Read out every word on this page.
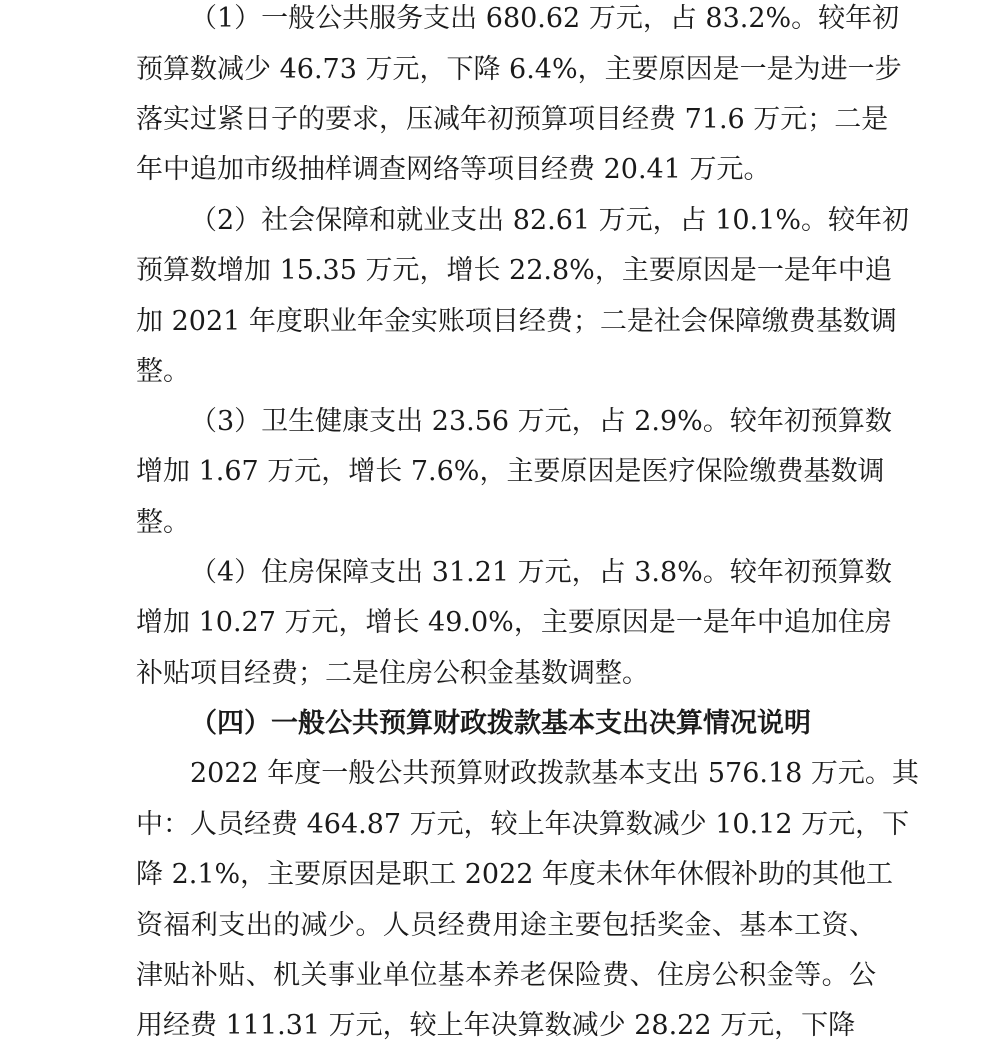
（1）一般公共服务支出 680.62 万元，占 83.2%。较年初
预算数减少 46.73 万元，下降 6.4%，主要原因是一是为进一步
落实过紧日子的要求，压减年初预算项目经费 71.6 万元；二是
年中追加市级抽样调查网络等项目经费 20.41 万元。
（2）社会保障和就业支出 82.61 万元，占 10.1%。较年初
预算数增加 15.35 万元，增长 22.8%，主要原因是一是年中追
加 2021 年度职业年金实账项目经费；二是社会保障缴费基数调
整。
（3）卫生健康支出 23.56 万元，占 2.9%。较年初预算数
增加 1.67 万元，增长 7.6%，主要原因是医疗保险缴费基数调
整。
（4）住房保障支出 31.21 万元，占 3.8%。较年初预算数
增加 10.27 万元，增长 49.0%，主要原因是一是年中追加住房
补贴项目经费；二是住房公积金基数调整。
（四）一般公共预算财政拨款基本支出决算情况说明
2022 年度一般公共预算财政拨款基本支出 576.18 万元。其
中：人员经费 464.87 万元，较上年决算数减少 10.12 万元，下
降 2.1%，主要原因是职工 2022 年度未休年休假补助的其他工
资福利支出的减少。人员经费用途主要包括奖金、基本工资、
津贴补贴、机关事业单位基本养老保险费、住房公积金等。公
用经费 111.31 万元，较上年决算数减少 28.22 万元，下降
